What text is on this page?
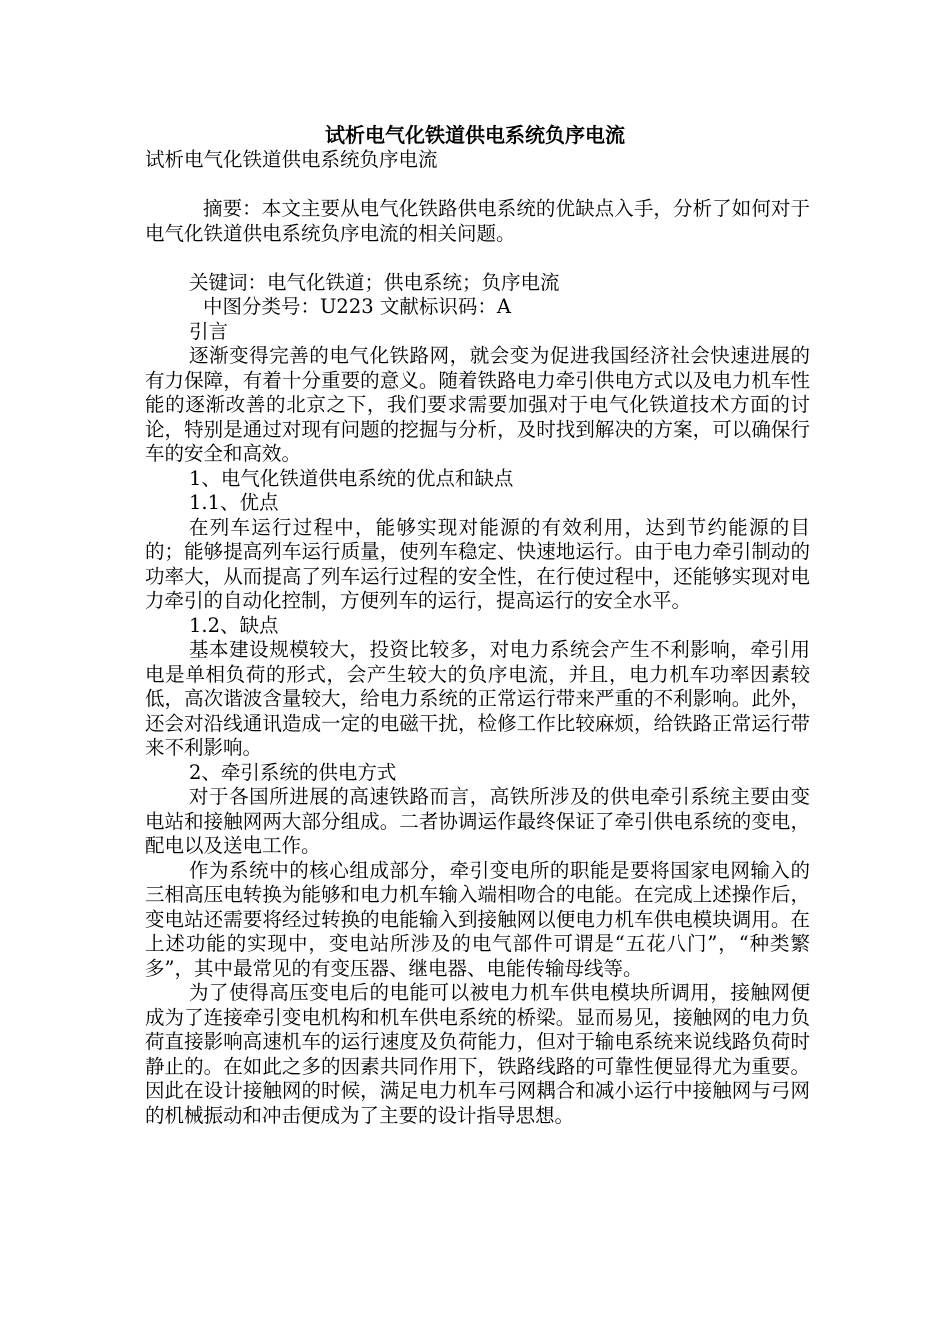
试析电气化铁道供电系统负序电流

试析电气化铁道供电系统负序电流

摘要：本文主要从电气化铁路供电系统的优缺点入手，分析了如何对于电气化铁道供电系统负序电流的相关问题。

关键词：电气化铁道；供电系统；负序电流

中图分类号：U223 文献标识码：A

引言

逐渐变得完善的电气化铁路网，就会变为促进我国经济社会快速进展的有力保障，有着十分重要的意义。随着铁路电力牵引供电方式以及电力机车性能的逐渐改善的北京之下，我们要求需要加强对于电气化铁道技术方面的讨论，特别是通过对现有问题的挖掘与分析，及时找到解决的方案，可以确保行车的安全和高效。

1、电气化铁道供电系统的优点和缺点

1.1、优点

在列车运行过程中，能够实现对能源的有效利用，达到节约能源的目的；能够提高列车运行质量，使列车稳定、快速地运行。由于电力牵引制动的功率大，从而提高了列车运行过程的安全性，在行使过程中，还能够实现对电力牵引的自动化控制，方便列车的运行，提高运行的安全水平。

1.2、缺点

基本建设规模较大，投资比较多，对电力系统会产生不利影响，牵引用电是单相负荷的形式，会产生较大的负序电流，并且，电力机车功率因素较低，高次谐波含量较大，给电力系统的正常运行带来严重的不利影响。此外，还会对沿线通讯造成一定的电磁干扰，检修工作比较麻烦，给铁路正常运行带来不利影响。

2、牵引系统的供电方式

对于各国所进展的高速铁路而言，高铁所涉及的供电牵引系统主要由变电站和接触网两大部分组成。二者协调运作最终保证了牵引供电系统的变电，配电以及送电工作。

作为系统中的核心组成部分，牵引变电所的职能是要将国家电网输入的三相高压电转换为能够和电力机车输入端相吻合的电能。在完成上述操作后，变电站还需要将经过转换的电能输入到接触网以便电力机车供电模块调用。在上述功能的实现中，变电站所涉及的电气部件可谓是“五花八门”，“种类繁多”，其中最常见的有变压器、继电器、电能传输母线等。

为了使得高压变电后的电能可以被电力机车供电模块所调用，接触网便成为了连接牵引变电机构和机车供电系统的桥梁。显而易见，接触网的电力负荷直接影响高速机车的运行速度及负荷能力，但对于输电系统来说线路负荷时静止的。在如此之多的因素共同作用下，铁路线路的可靠性便显得尤为重要。因此在设计接触网的时候，满足电力机车弓网耦合和减小运行中接触网与弓网的机械振动和冲击便成为了主要的设计指导思想。
